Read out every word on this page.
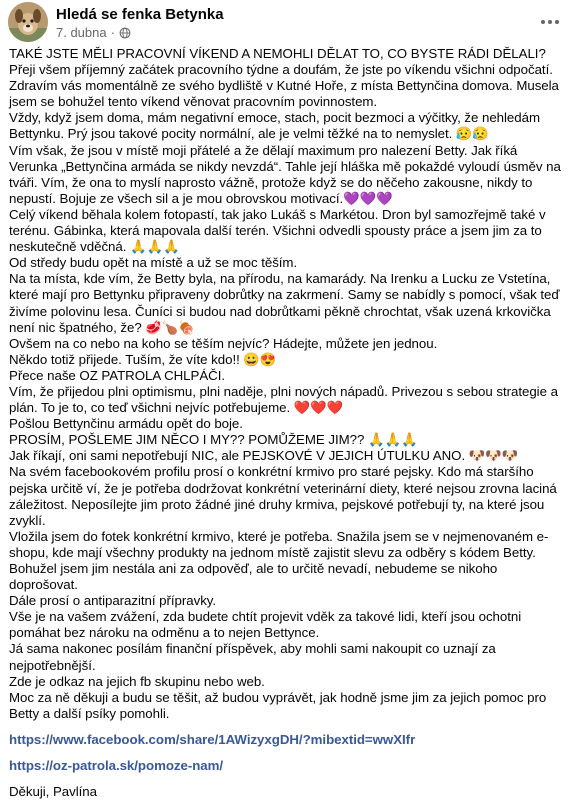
Hledá se fenka Betynka
7. dubna ·

TAKÉ JSTE MĚLI PRACOVNÍ VÍKEND A NEMOHLI DĚLAT TO, CO BYSTE RÁDI DĚLALI?

Přeji všem příjemný začátek pracovního týdne a doufám, že jste po víkendu všichni odpočatí. Zdravím vás momentálně ze svého bydliště v Kutné Hoře, z místa Bettynčina domova. Musela jsem se bohužel tento víkend věnovat pracovním povinnostem.

Vždy, když jsem doma, mám negativní emoce, stach, pocit bezmoci a výčitky, že nehledám Bettynku. Prý jsou takové pocity normální, ale je velmi těžké na to nemyslet. 😥😥

Vím však, že jsou v místě moji přátelé a že dělají maximum pro nalezení Betty. Jak říká Verunka „Bettynčina armáda se nikdy nevzdá“. Tahle její hláška mě pokaždé vyloudí úsměv na tváři. Vím, že ona to myslí naprosto vážně, protože když se do něčeho zakousne, nikdy to nepustí. Bojuje ze všech sil a je mou obrovskou motivací.💜💜💜

Celý víkend běhala kolem fotopastí, tak jako Lukáš s Markétou. Dron byl samozřejmě také v terénu. Gábinka, která mapovala další terén. Všichni odvedli spousty práce a jsem jim za to neskutečně vděčná. 🙏🙏🙏

Od středy budu opět na místě a už se moc těším.

Na ta místa, kde vím, že Betty byla, na přírodu, na kamarády. Na Irenku a Lucku ze Vstetína, které mají pro Bettynku připraveny dobrůtky na zakrmení. Samy se nabídly s pomocí, však teď živíme polovinu lesa. Čuníci si budou nad dobrůtkami pěkně chrochtat, však uzená krkovička není nic špatného, že? 🥩🍗🍖

Ovšem na co nebo na koho se těším nejvíc? Hádejte, můžete jen jednou.

Někdo totiž přijede. Tuším, že víte kdo!! 😀😍

Přece naše OZ PATROLA CHLPÁČI.

Vím, že přijedou plni optimismu, plni naděje, plni nových nápadů. Privezou s sebou strategie a plán. To je to, co teď všichni nejvíc potřebujeme. ❤️❤️❤️

Pošlou Bettynčinu armádu opět do boje.

PROSÍM, POŠLEME JIM NĚCO I MY?? POMŮŽEME JIM?? 🙏🙏🙏

Jak říkají, oni sami nepotřebují NIC, ale PEJSKOVÉ V JEJICH ÚTULKU ANO. 🐶🐶🐶

Na svém facebookovém profilu prosí o konkrétní krmivo pro staré pejsky. Kdo má staršího pejska určitě ví, že je potřeba dodržovat konkrétní veterinární diety, které nejsou zrovna laciná záležitost. Neposílejte jim proto žádné jiné druhy krmiva, pejskové potřebují ty, na které jsou zvyklí.

Vložila jsem do fotek konkrétní krmivo, které je potřeba. Snažila jsem se v nejmenovaném e-shopu, kde mají všechny produkty na jednom místě zajistit slevu za odběry s kódem Betty. Bohužel jsem jim nestála ani za odpověď, ale to určitě nevadí, nebudeme se nikoho doprošovat.

Dále prosí o antiparazitní přípravky.

Vše je na vašem zvážení, zda budete chtít projevit vděk za takové lidi, kteří jsou ochotni pomáhat bez nároku na odměnu a to nejen Bettynce.

Já sama nakonec posílám finanční příspěvek, aby mohli sami nakoupit co uznají za nejpotřebnější.

Zde je odkaz na jejich fb skupinu nebo web.

Moc za ně děkuji a budu se těšit, až budou vyprávět, jak hodně jsme jim za jejich pomoc pro Betty a další psíky pomohli.

https://www.facebook.com/share/1AWizyxgDH/?mibextid=wwXIfr

https://oz-patrola.sk/pomoze-nam/

Děkuji, Pavlína
